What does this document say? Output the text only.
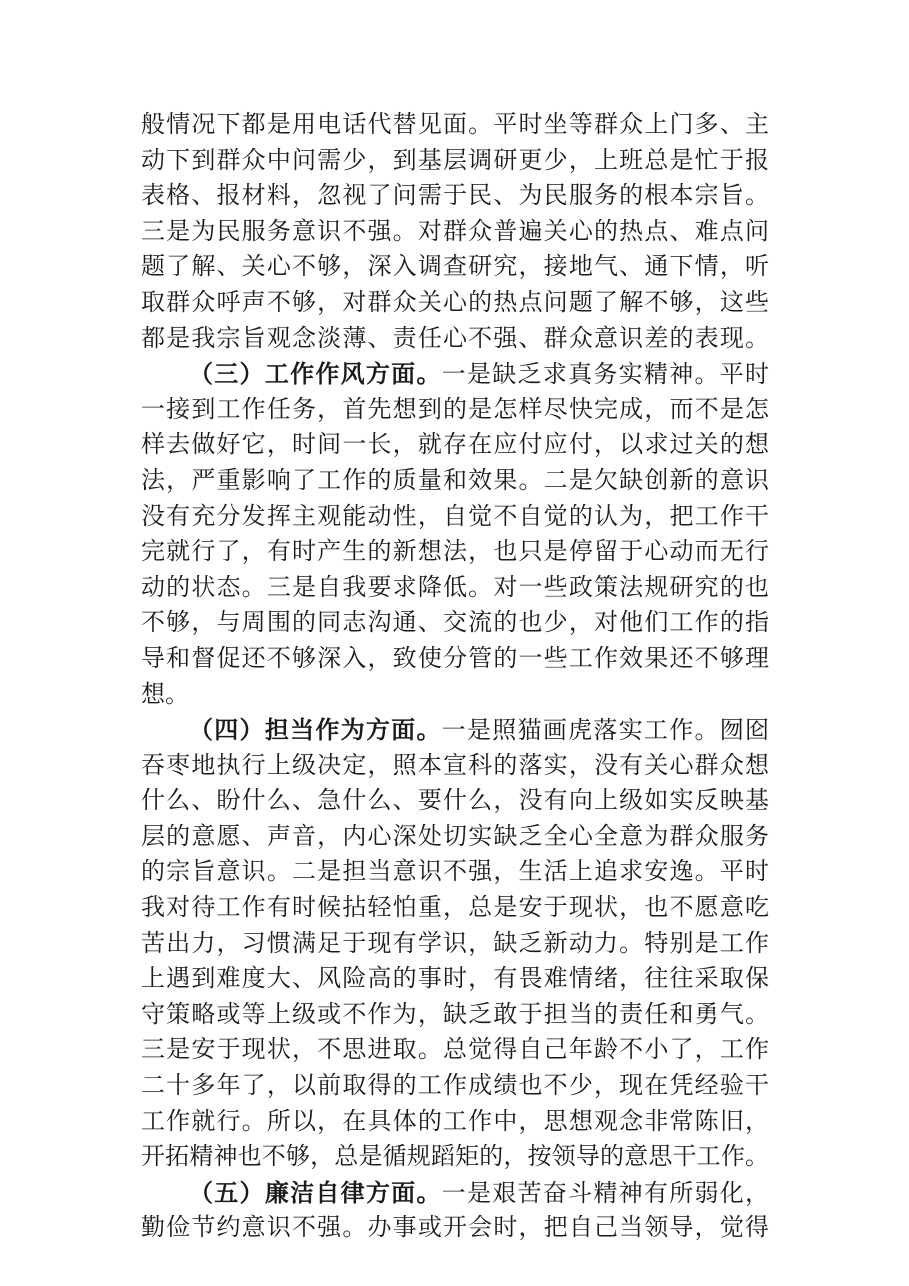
般情况下都是用电话代替见面。平时坐等群众上门多、主
动下到群众中问需少，到基层调研更少，上班总是忙于报
表格、报材料，忽视了问需于民、为民服务的根本宗旨。
三是为民服务意识不强。对群众普遍关心的热点、难点问
题了解、关心不够，深入调查研究，接地气、通下情，听
取群众呼声不够，对群众关心的热点问题了解不够，这些
都是我宗旨观念淡薄、责任心不强、群众意识差的表现。
（三）工作作风方面。一是缺乏求真务实精神。平时
一接到工作任务，首先想到的是怎样尽快完成，而不是怎
样去做好它，时间一长，就存在应付应付，以求过关的想
法，严重影响了工作的质量和效果。二是欠缺创新的意识
没有充分发挥主观能动性，自觉不自觉的认为，把工作干
完就行了，有时产生的新想法，也只是停留于心动而无行
动的状态。三是自我要求降低。对一些政策法规研究的也
不够，与周围的同志沟通、交流的也少，对他们工作的指
导和督促还不够深入，致使分管的一些工作效果还不够理
想。
（四）担当作为方面。一是照猫画虎落实工作。囫囵
吞枣地执行上级决定，照本宣科的落实，没有关心群众想
什么、盼什么、急什么、要什么，没有向上级如实反映基
层的意愿、声音，内心深处切实缺乏全心全意为群众服务
的宗旨意识。二是担当意识不强，生活上追求安逸。平时
我对待工作有时候拈轻怕重，总是安于现状，也不愿意吃
苦出力，习惯满足于现有学识，缺乏新动力。特别是工作
上遇到难度大、风险高的事时，有畏难情绪，往往采取保
守策略或等上级或不作为，缺乏敢于担当的责任和勇气。
三是安于现状，不思进取。总觉得自己年龄不小了，工作
二十多年了，以前取得的工作成绩也不少，现在凭经验干
工作就行。所以，在具体的工作中，思想观念非常陈旧，
开拓精神也不够，总是循规蹈矩的，按领导的意思干工作。
（五）廉洁自律方面。一是艰苦奋斗精神有所弱化，
勤俭节约意识不强。办事或开会时，把自己当领导，觉得
